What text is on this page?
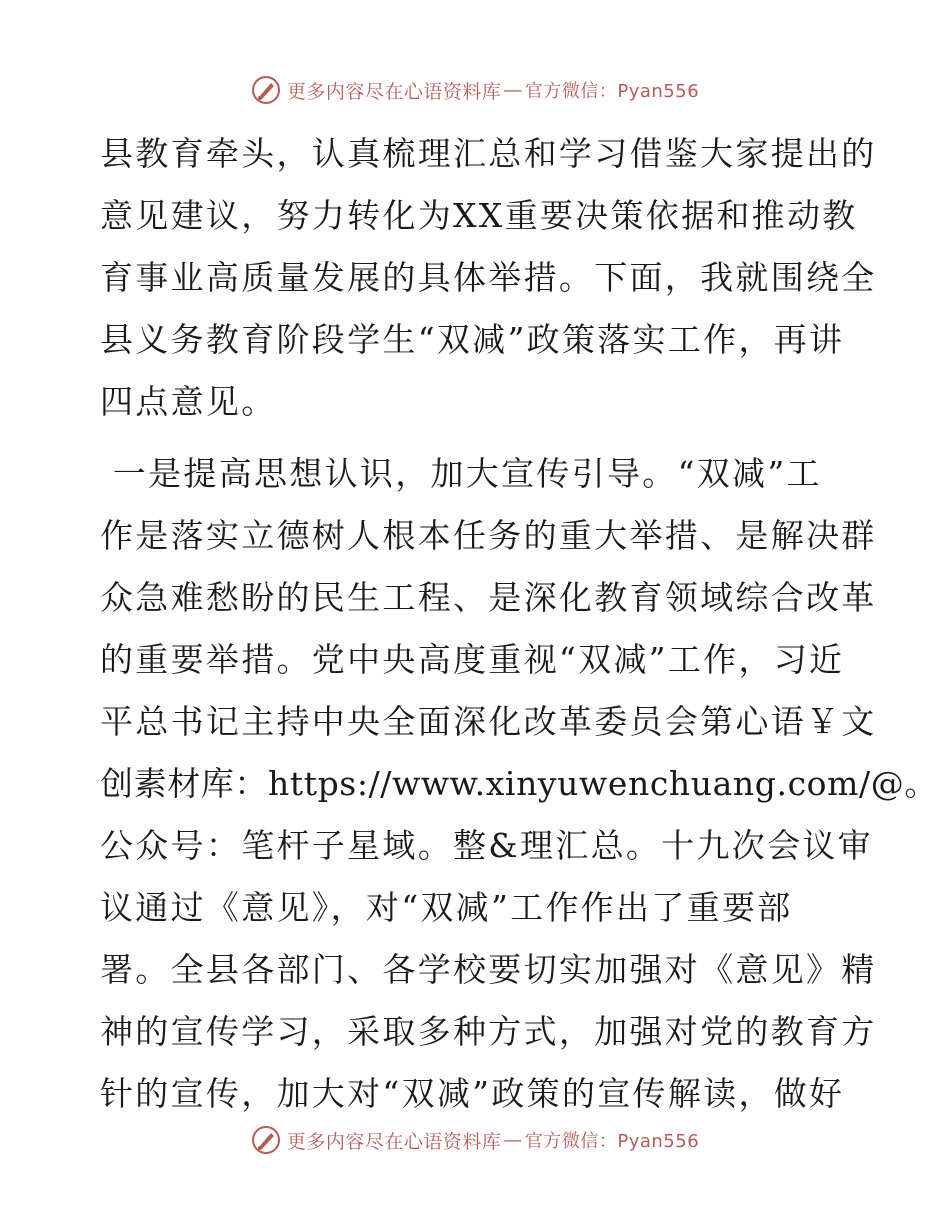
更多内容尽在心语资料库 — 官方微信：Pyan556
县教育牵头，认真梳理汇总和学习借鉴大家提出的
意见建议，努力转化为XX重要决策依据和推动教
育事业高质量发展的具体举措。下面，我就围绕全
县义务教育阶段学生“双减”政策落实工作，再讲
四点意见。
一是提高思想认识，加大宣传引导。“双减”工
作是落实立德树人根本任务的重大举措、是解决群
众急难愁盼的民生工程、是深化教育领域综合改革
的重要举措。党中央高度重视“双减”工作，习近
平总书记主持中央全面深化改革委员会第心语￥文
创素材库：https://www.xinyuwenchuang.com/@。
公众号：笔杆子星域。整&理汇总。十九次会议审
议通过《意见》，对“双减”工作作出了重要部
署。全县各部门、各学校要切实加强对《意见》精
神的宣传学习，采取多种方式，加强对党的教育方
针的宣传，加大对“双减”政策的宣传解读，做好
更多内容尽在心语资料库 — 官方微信：Pyan556
